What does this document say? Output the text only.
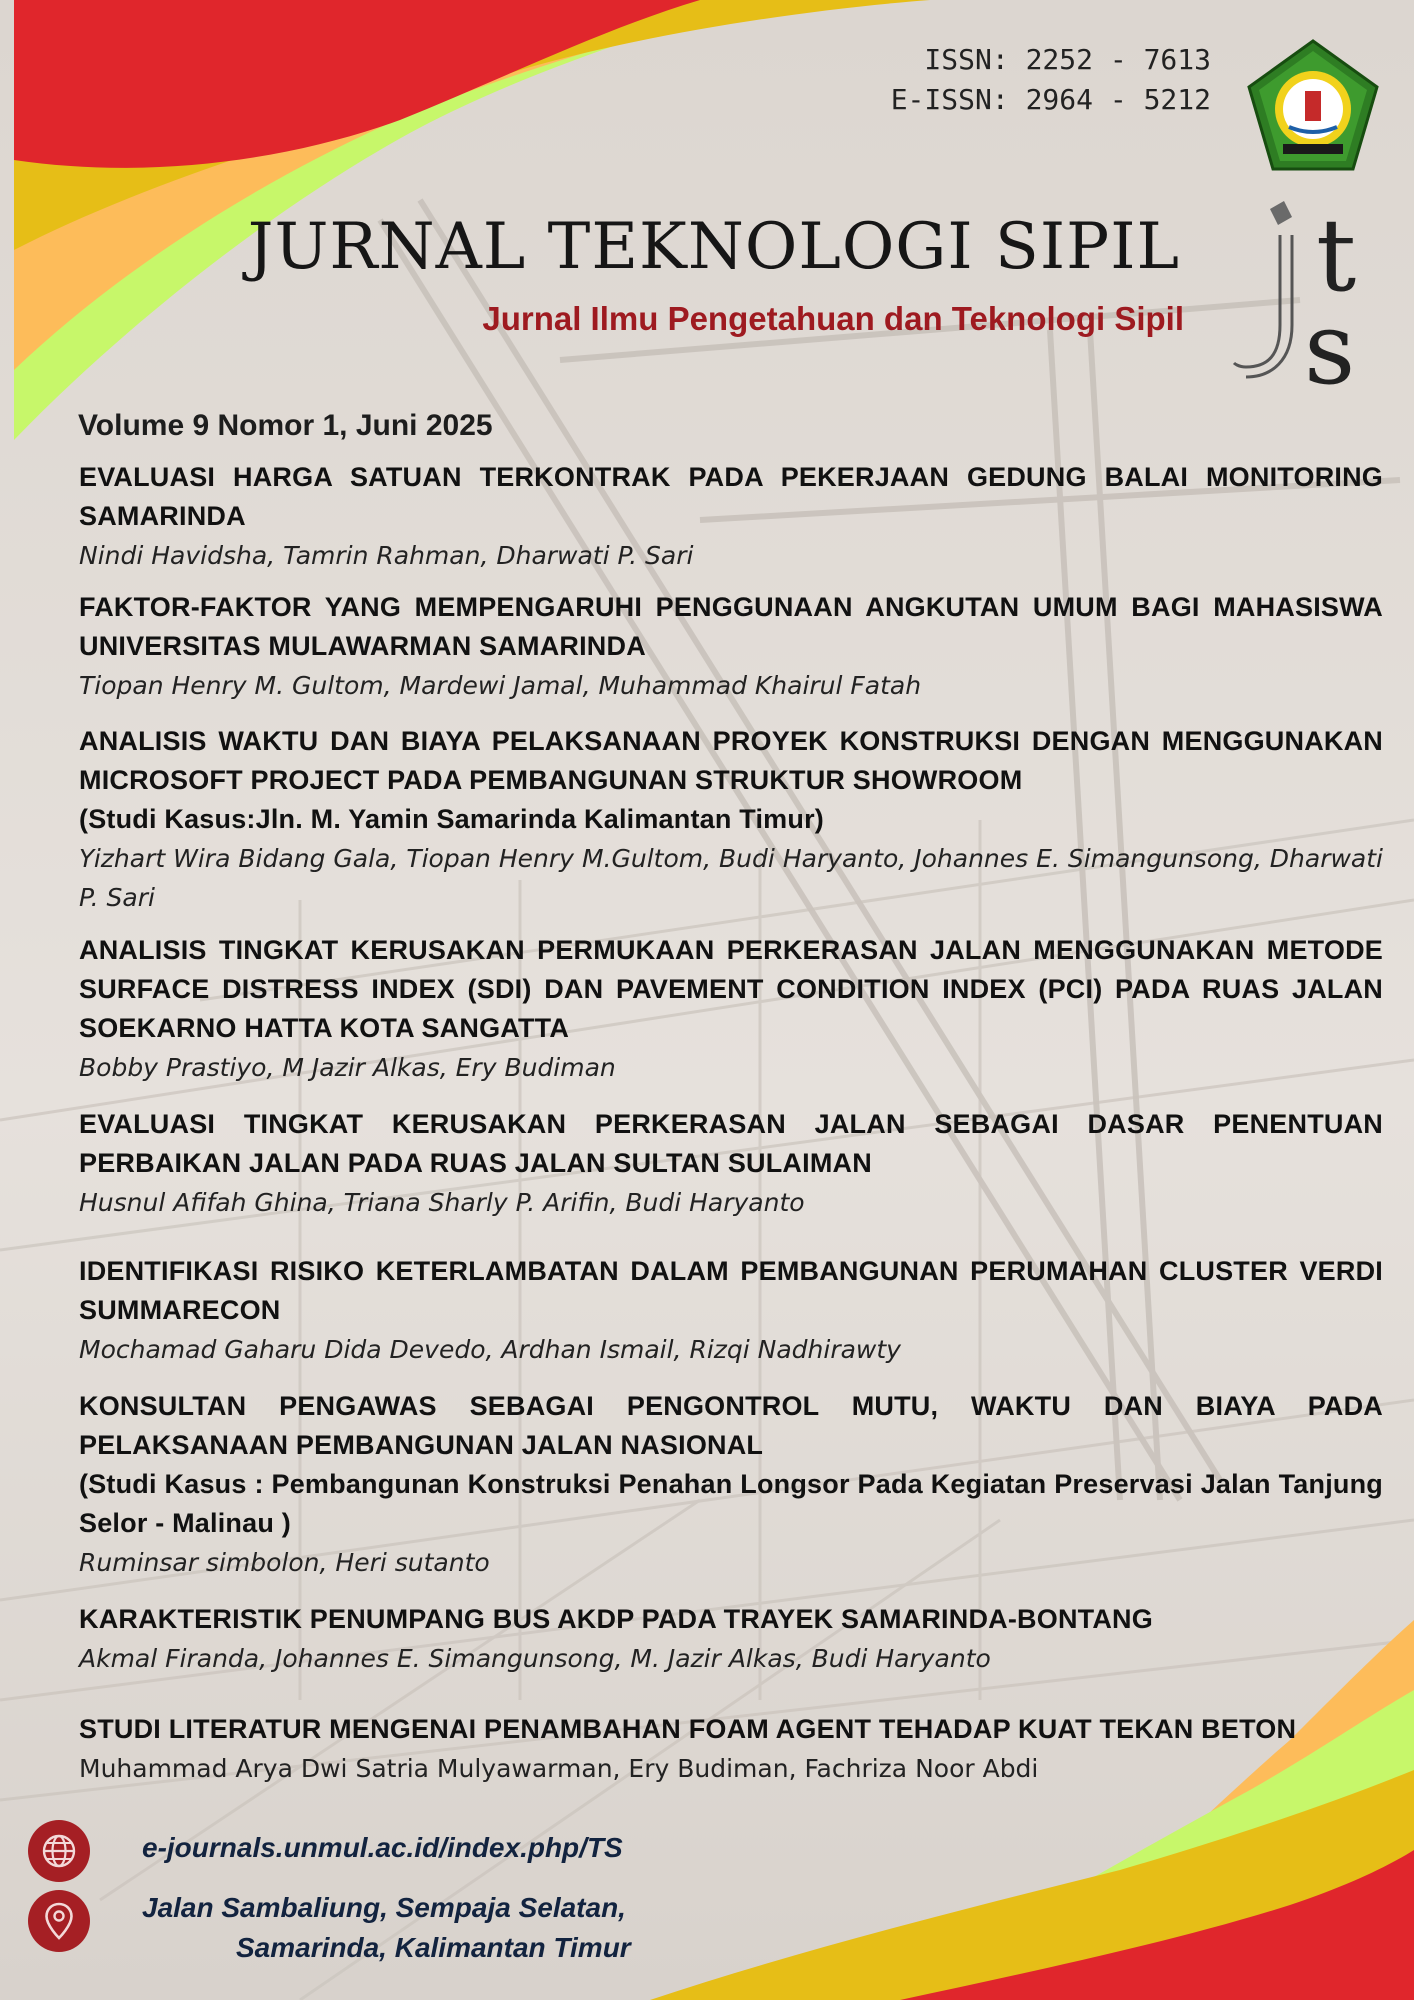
ISSN: 2252 - 7613
E-ISSN: 2964 - 5212
t
s
JURNAL TEKNOLOGI SIPIL
Jurnal Ilmu Pengetahuan dan Teknologi Sipil
Volume 9 Nomor 1, Juni 2025
EVALUASI HARGA SATUAN TERKONTRAK PADA PEKERJAAN GEDUNG BALAI MONITORING SAMARINDA
Nindi Havidsha, Tamrin Rahman, Dharwati P. Sari
FAKTOR-FAKTOR YANG MEMPENGARUHI PENGGUNAAN ANGKUTAN UMUM BAGI MAHASISWA UNIVERSITAS MULAWARMAN SAMARINDA
Tiopan Henry M. Gultom, Mardewi Jamal, Muhammad Khairul Fatah
ANALISIS WAKTU DAN BIAYA PELAKSANAAN PROYEK KONSTRUKSI DENGAN MENGGUNAKAN MICROSOFT PROJECT PADA PEMBANGUNAN STRUKTUR SHOWROOM
(Studi Kasus:Jln. M. Yamin Samarinda Kalimantan Timur)
Yizhart Wira Bidang Gala, Tiopan Henry M.Gultom, Budi Haryanto, Johannes E. Simangunsong, Dharwati P. Sari
ANALISIS TINGKAT KERUSAKAN PERMUKAAN PERKERASAN JALAN MENGGUNAKAN METODE SURFACE DISTRESS INDEX (SDI) DAN PAVEMENT CONDITION INDEX (PCI) PADA RUAS JALAN SOEKARNO HATTA KOTA SANGATTA
Bobby Prastiyo, M Jazir Alkas, Ery Budiman
EVALUASI TINGKAT KERUSAKAN PERKERASAN JALAN SEBAGAI DASAR PENENTUAN PERBAIKAN JALAN PADA RUAS JALAN SULTAN SULAIMAN
Husnul Afifah Ghina, Triana Sharly P. Arifin, Budi Haryanto
IDENTIFIKASI RISIKO KETERLAMBATAN DALAM PEMBANGUNAN PERUMAHAN CLUSTER VERDI SUMMARECON
Mochamad Gaharu Dida Devedo, Ardhan Ismail, Rizqi Nadhirawty
KONSULTAN PENGAWAS SEBAGAI PENGONTROL MUTU, WAKTU DAN BIAYA PADA PELAKSANAAN PEMBANGUNAN JALAN NASIONAL
(Studi Kasus : Pembangunan Konstruksi Penahan Longsor Pada Kegiatan Preservasi Jalan Tanjung Selor - Malinau )
Ruminsar simbolon, Heri sutanto
KARAKTERISTIK PENUMPANG BUS AKDP PADA TRAYEK SAMARINDA-BONTANG
Akmal Firanda, Johannes E. Simangunsong, M. Jazir Alkas, Budi Haryanto
STUDI LITERATUR MENGENAI PENAMBAHAN FOAM AGENT TEHADAP KUAT TEKAN BETON
Muhammad Arya Dwi Satria Mulyawarman, Ery Budiman, Fachriza Noor Abdi
e-journals.unmul.ac.id/index.php/TS
Jalan Sambaliung, Sempaja Selatan,
Samarinda, Kalimantan Timur
